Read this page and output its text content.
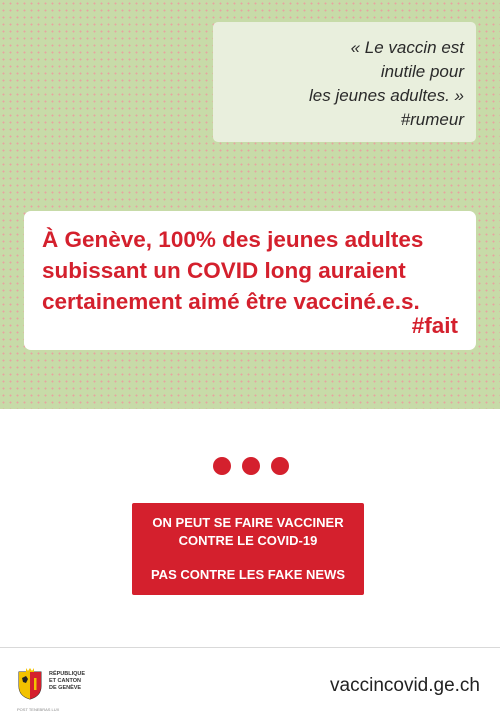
« Le vaccin est
inutile pour
les jeunes adultes. »
#rumeur

À Genève, 100% des jeunes adultes
subissant un COVID long auraient
certainement aimé être vacciné.e.s.
#fait
ON PEUT SE FAIRE VACCINER
CONTRE LE COVID-19
PAS CONTRE LES FAKE NEWS
RÉPUBLIQUE
ET CANTON
DE GENÈVE
POST TENEBRAS LUX
vaccincovid.ge.ch
